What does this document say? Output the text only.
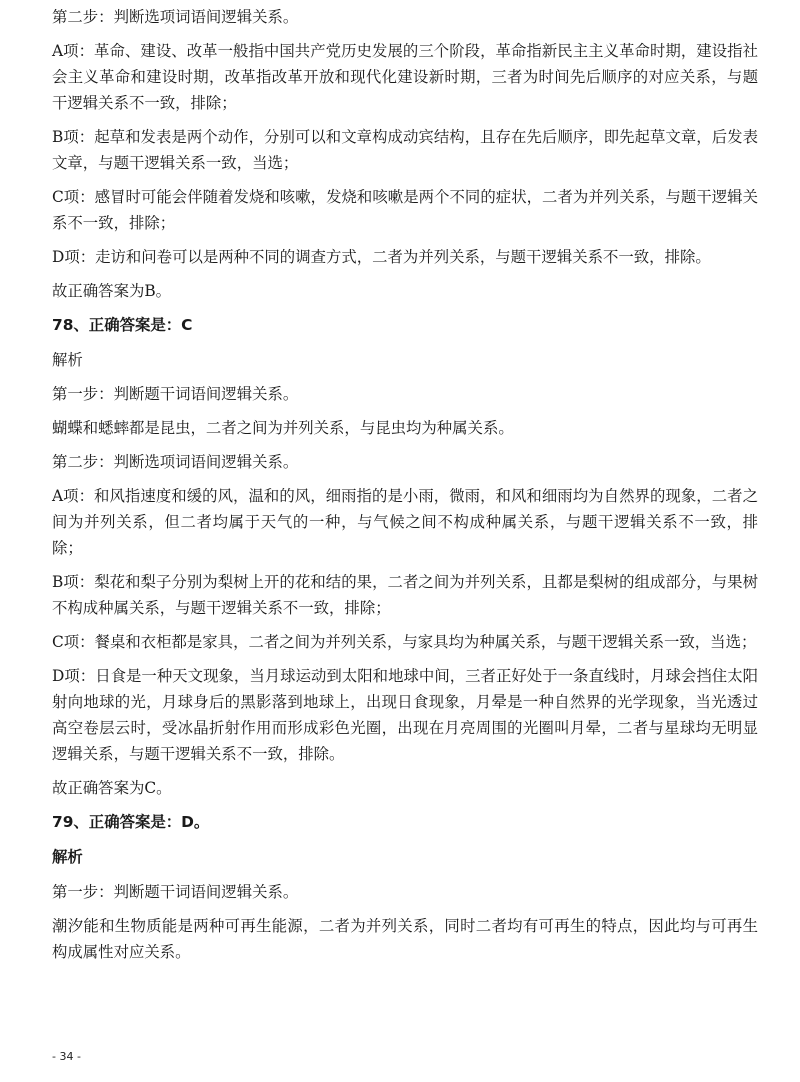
第二步：判断选项词语间逻辑关系。

A项：革命、建设、改革一般指中国共产党历史发展的三个阶段，革命指新民主主义革命时期，建设指社会主义革命和建设时期，改革指改革开放和现代化建设新时期，三者为时间先后顺序的对应关系，与题干逻辑关系不一致，排除；

B项：起草和发表是两个动作，分别可以和文章构成动宾结构，且存在先后顺序，即先起草文章，后发表文章，与题干逻辑关系一致，当选；

C项：感冒时可能会伴随着发烧和咳嗽，发烧和咳嗽是两个不同的症状，二者为并列关系，与题干逻辑关系不一致，排除；

D项：走访和问卷可以是两种不同的调查方式，二者为并列关系，与题干逻辑关系不一致，排除。

故正确答案为B。

78、正确答案是：C

解析

第一步：判断题干词语间逻辑关系。

蝴蝶和蟋蟀都是昆虫，二者之间为并列关系，与昆虫均为种属关系。

第二步：判断选项词语间逻辑关系。

A项：和风指速度和缓的风，温和的风，细雨指的是小雨，微雨，和风和细雨均为自然界的现象，二者之间为并列关系，但二者均属于天气的一种，与气候之间不构成种属关系，与题干逻辑关系不一致，排除；

B项：梨花和梨子分别为梨树上开的花和结的果，二者之间为并列关系，且都是梨树的组成部分，与果树不构成种属关系，与题干逻辑关系不一致，排除；

C项：餐桌和衣柜都是家具，二者之间为并列关系，与家具均为种属关系，与题干逻辑关系一致，当选；

D项：日食是一种天文现象，当月球运动到太阳和地球中间，三者正好处于一条直线时，月球会挡住太阳射向地球的光，月球身后的黑影落到地球上，出现日食现象，月晕是一种自然界的光学现象，当光透过高空卷层云时，受冰晶折射作用而形成彩色光圈，出现在月亮周围的光圈叫月晕，二者与星球均无明显逻辑关系，与题干逻辑关系不一致，排除。

故正确答案为C。

79、正确答案是：D。

解析

第一步：判断题干词语间逻辑关系。

潮汐能和生物质能是两种可再生能源，二者为并列关系，同时二者均有可再生的特点，因此均与可再生构成属性对应关系。

- 34 -
